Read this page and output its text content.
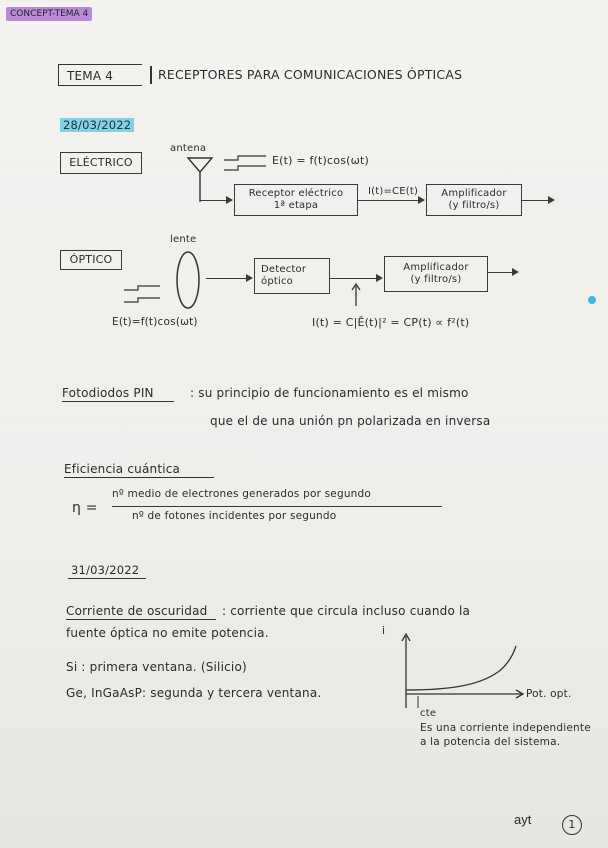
CONCEPT-TEMA 4
TEMA 4	RECEPTORES PARA COMUNICACIONES ÓPTICAS
28/03/2022
ELÉCTRICO
antena
E(t) = f(t)cos(ωt)
Receptor eléctrico
1ª etapa
I(t)=CE(t)	Amplificador
(y filtro/s)
lente
ÓPTICO
Detector
óptico
Amplificador
(y filtro/s)
E(t)=f(t)cos(ωt)	I(t) = C|Ē(t)|² = CP(t) ∝ f²(t)
Fotodiodos PIN	: su principio de funcionamiento es el mismo
que el de una unión pn polarizada en inversa
Eficiencia cuántica
η =
nº medio de electrones generados por segundo
nº de fotones incidentes por segundo
31/03/2022
Corriente de oscuridad : corriente que circula incluso cuando la
fuente óptica no emite potencia.
Si : primera ventana. (Silicio)
Ge, InGaAsP: segunda y tercera ventana.
i
Pot. opt.
cte
Es una corriente independiente
a la potencia del sistema.
ayt	1
